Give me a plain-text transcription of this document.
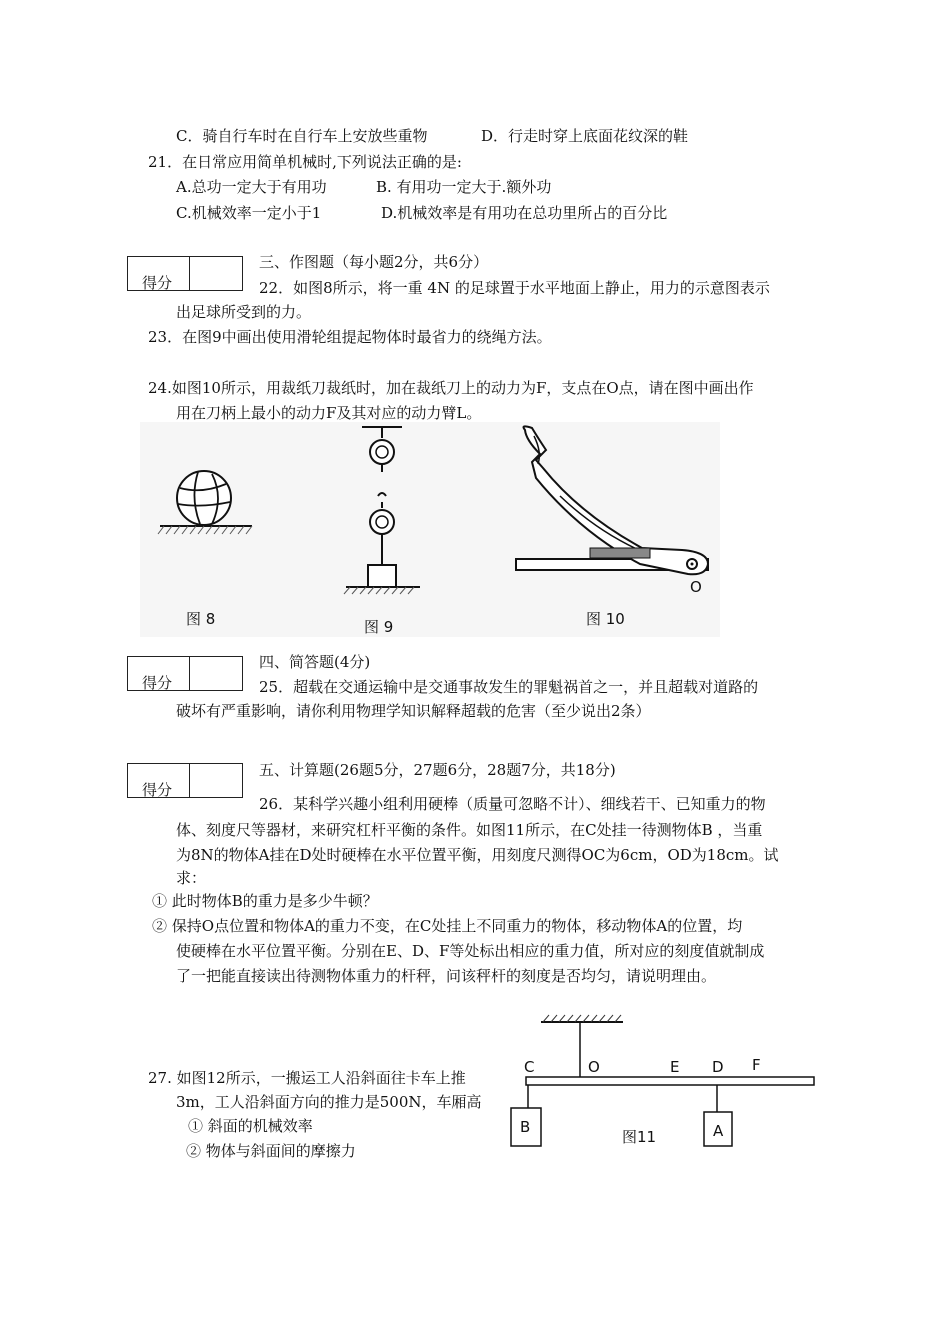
C．骑自行车时在自行车上安放些重物	D．行走时穿上底面花纹深的鞋
21．在日常应用简单机械时,下列说法正确的是:
A.总功一定大于有用功	B. 有用功一定大于.额外功
C.机械效率一定小于1	D.机械效率是有用功在总功里所占的百分比
得分
三、作图题（每小题2分，共6分）
22．如图8所示，将一重 4N 的足球置于水平地面上静止，用力的示意图表示
出足球所受到的力。
23．在图9中画出使用滑轮组提起物体时最省力的绕绳方法。
24.如图10所示，用裁纸刀裁纸时，加在裁纸刀上的动力为F，支点在O点，请在图中画出作
用在刀柄上最小的动力F及其对应的动力臂L。
图 8	图 9	图 10
O
得分
四、简答题(4分)
25．超载在交通运输中是交通事故发生的罪魁祸首之一，并且超载对道路的
破坏有严重影响，请你利用物理学知识解释超载的危害（至少说出2条）
得分
五、计算题(26题5分，27题6分，28题7分，共18分)
26．某科学兴趣小组利用硬棒（质量可忽略不计）、细线若干、已知重力的物
体、刻度尺等器材，来研究杠杆平衡的条件。如图11所示，在C处挂一待测物体B ，当重
为8N的物体A挂在D处时硬棒在水平位置平衡，用刻度尺测得OC为6cm，OD为18cm。试
求：
① 此时物体B的重力是多少牛顿？
② 保持O点位置和物体A的重力不变，在C处挂上不同重力的物体，移动物体A的位置，均
使硬棒在水平位置平衡。分别在E、D、F等处标出相应的重力值，所对应的刻度值就制成
了一把能直接读出待测物体重力的杆秤，问该秤杆的刻度是否均匀，请说明理由。
27. 如图12所示，一搬运工人沿斜面往卡车上推
3m，工人沿斜面方向的推力是500N，车厢高
① 斜面的机械效率
② 物体与斜面间的摩擦力
C	O	E D F
B	A
图11
